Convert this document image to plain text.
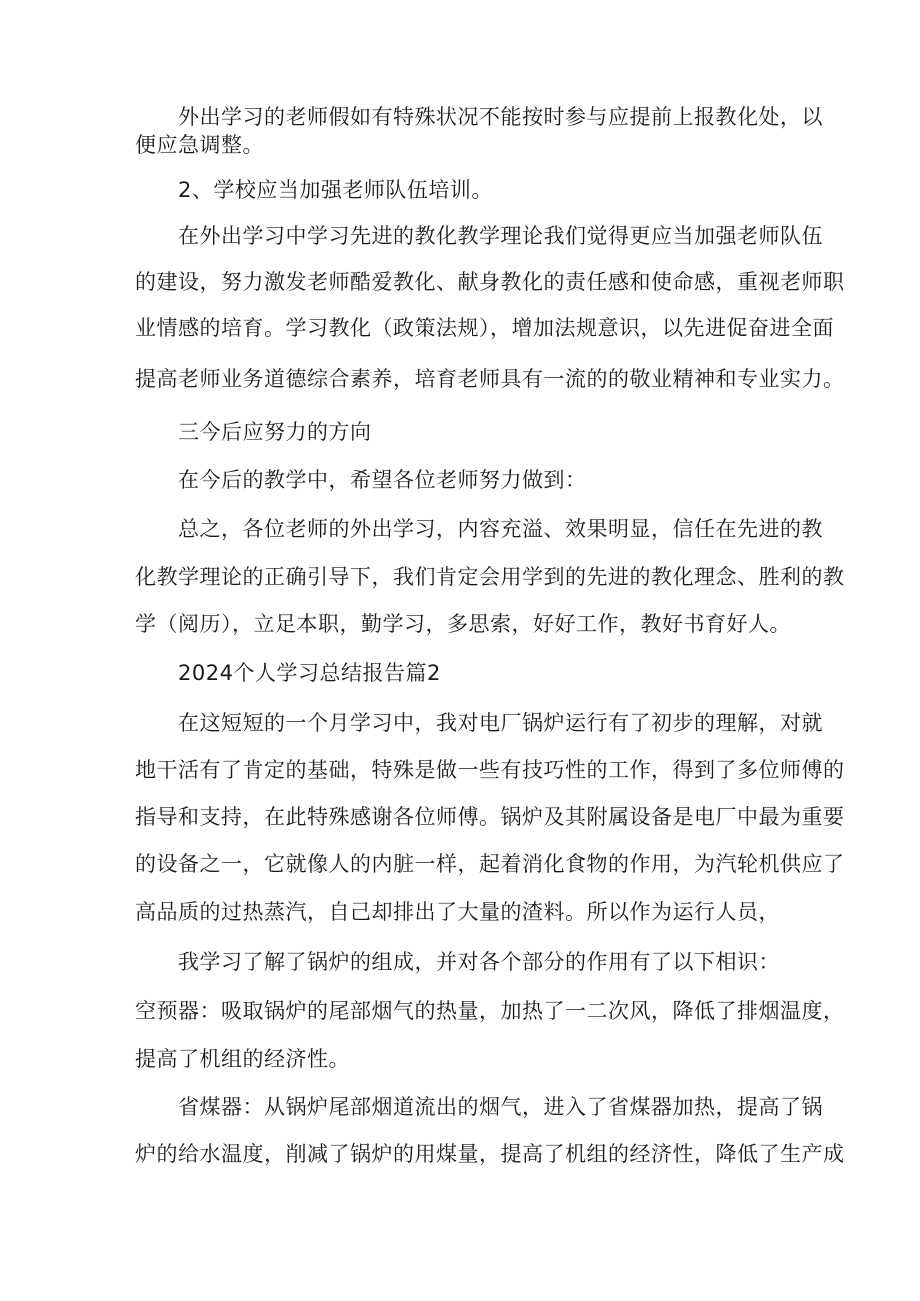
外出学习的老师假如有特殊状况不能按时参与应提前上报教化处，以
便应急调整。
2、学校应当加强老师队伍培训。
在外出学习中学习先进的教化教学理论我们觉得更应当加强老师队伍
的建设，努力激发老师酷爱教化、献身教化的责任感和使命感，重视老师职
业情感的培育。学习教化（政策法规），增加法规意识，以先进促奋进全面
提高老师业务道德综合素养，培育老师具有一流的的敬业精神和专业实力。
三今后应努力的方向
在今后的教学中，希望各位老师努力做到：
总之，各位老师的外出学习，内容充溢、效果明显，信任在先进的教
化教学理论的正确引导下，我们肯定会用学到的先进的教化理念、胜利的教
学（阅历），立足本职，勤学习，多思索，好好工作，教好书育好人。
2024个人学习总结报告篇2
在这短短的一个月学习中，我对电厂锅炉运行有了初步的理解，对就
地干活有了肯定的基础，特殊是做一些有技巧性的工作，得到了多位师傅的
指导和支持，在此特殊感谢各位师傅。锅炉及其附属设备是电厂中最为重要
的设备之一，它就像人的内脏一样，起着消化食物的作用，为汽轮机供应了
高品质的过热蒸汽，自己却排出了大量的渣料。所以作为运行人员，
我学习了解了锅炉的组成，并对各个部分的作用有了以下相识：
空预器：吸取锅炉的尾部烟气的热量，加热了一二次风，降低了排烟温度，
提高了机组的经济性。
省煤器：从锅炉尾部烟道流出的烟气，进入了省煤器加热，提高了锅
炉的给水温度，削减了锅炉的用煤量，提高了机组的经济性，降低了生产成
